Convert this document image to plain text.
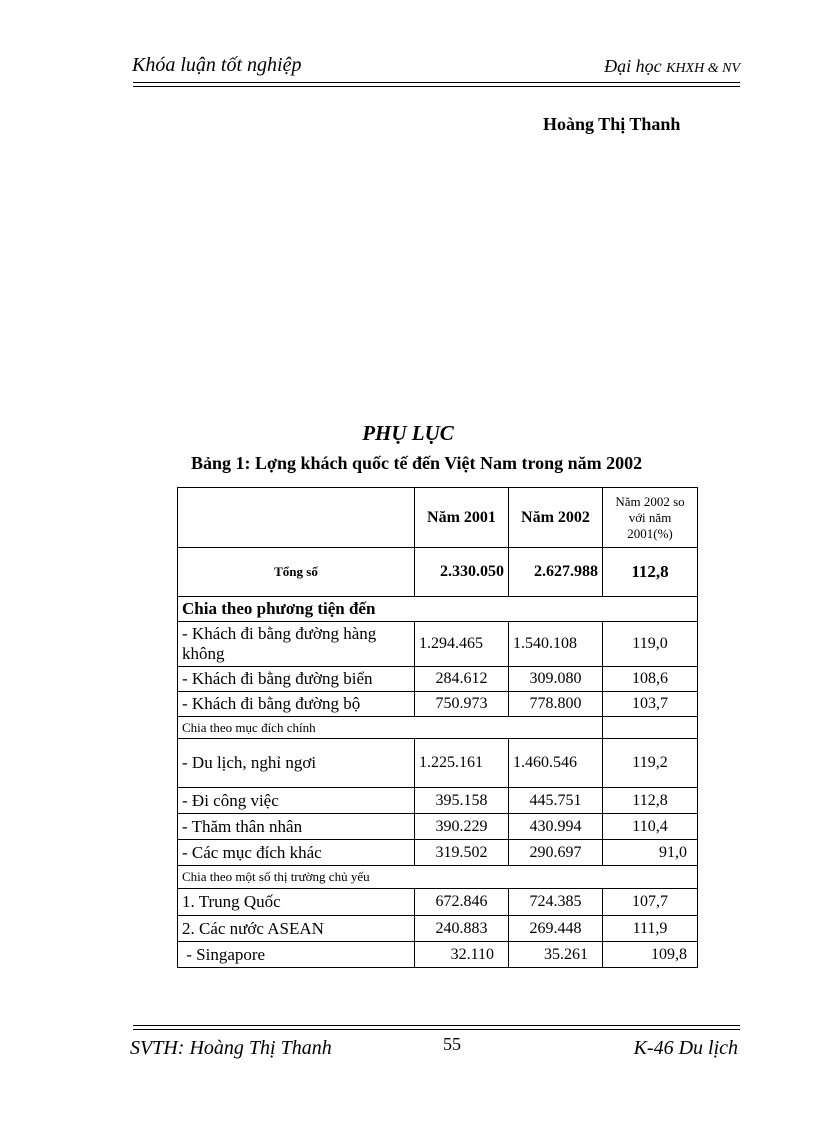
Khóa luận tốt nghiệp	Đại học KHXH & NV
Hoàng Thị Thanh
PHỤ LỤC
Bảng 1: Lợng khách quốc tế đến Việt Nam trong năm 2002
	Năm 2001	Năm 2002	Năm 2002 so với năm 2001(%)
Tổng số	2.330.050	2.627.988	112,8
Chia theo phương tiện đến			
- Khách đi bằng đường hàng không	1.294.465	1.540.108	119,0
- Khách đi bằng đường biển	284.612	309.080	108,6
- Khách đi bằng đường bộ	750.973	778.800	103,7
Chia theo mục đích chính			
- Du lịch, nghỉ ngơi	1.225.161	1.460.546	119,2
- Đi công việc	395.158	445.751	112,8
- Thăm thân nhân	390.229	430.994	110,4
- Các mục đích khác	319.502	290.697	91,0
Chia theo một số thị trường chủ yếu			
1. Trung Quốc	672.846	724.385	107,7
2. Các nước ASEAN	240.883	269.448	111,9
- Singapore	32.110	35.261	109,8
SVTH: Hoàng Thị Thanh	55	K-46 Du lịch
